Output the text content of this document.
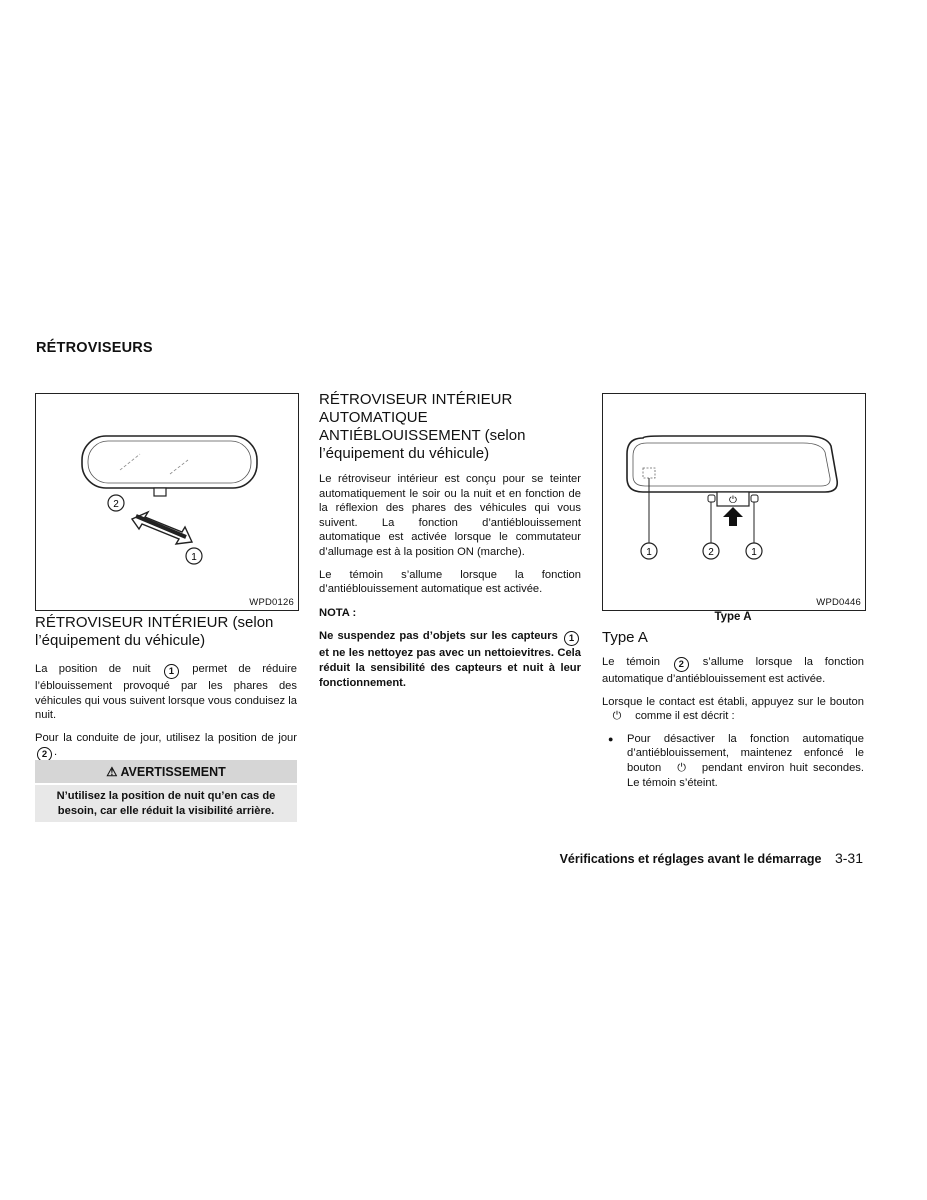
RÉTROVISEURS
2
1
WPD0126
RÉTROVISEUR INTÉRIEUR (selon l’équipement du véhicule)

La position de nuit 1 permet de réduire l’éblouissement provoqué par les phares des véhicules qui vous suivent lorsque vous conduisez la nuit.

Pour la conduite de jour, utilisez la position de jour 2 .

⚠ AVERTISSEMENT
N’utilisez la position de nuit qu’en cas de besoin, car elle réduit la visibilité arrière.
RÉTROVISEUR INTÉRIEUR AUTOMATIQUE ANTIÉBLOUISSEMENT (selon l’équipement du véhicule)

Le rétroviseur intérieur est conçu pour se teinter automatiquement le soir ou la nuit et en fonction de la réflexion des phares des véhicules qui vous suivent. La fonction d’antiéblouissement automatique est activée lorsque le commutateur d’allumage est à la position ON (marche).

Le témoin s’allume lorsque la fonction d’antiéblouissement automatique est activée.

NOTA :

Ne suspendez pas d’objets sur les capteurs 1 et ne les nettoyez pas avec un nettoievitres. Cela réduit la sensibilité des capteurs et nuit à leur fonctionnement.

⏻
1	2	1
WPD0446
Type A
Type A

Le témoin 2 s’allume lorsque la fonction automatique d’antiéblouissement est activée.

Lorsque le contact est établi, appuyez sur le bouton ⏻ comme il est décrit :

● Pour désactiver la fonction automatique d’antiéblouissement, maintenez enfoncé le bouton ⏻ pendant environ huit secondes. Le témoin s’éteint.
Vérifications et réglages avant le démarrage 3-31
